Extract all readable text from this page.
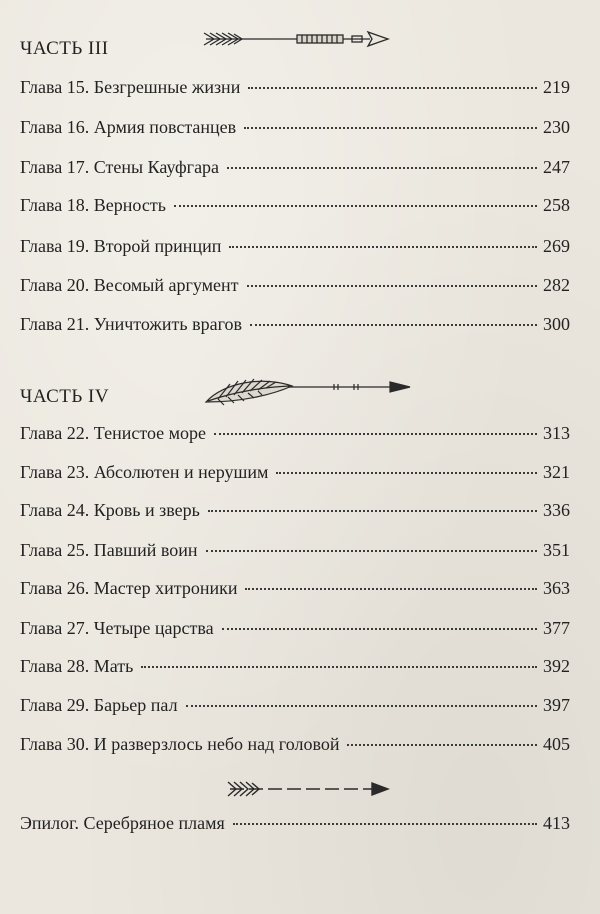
ЧАСТЬ III
Глава 15. Безгрешные жизни	219
Глава 16. Армия повстанцев	230
Глава 17. Стены Кауфгара	247
Глава 18. Верность	258
Глава 19. Второй принцип	269
Глава 20. Весомый аргумент	282
Глава 21. Уничтожить врагов	300
ЧАСТЬ IV
Глава 22. Тенистое море	313
Глава 23. Абсолютен и нерушим	321
Глава 24. Кровь и зверь	336
Глава 25. Павший воин	351
Глава 26. Мастер хитроники	363
Глава 27. Четыре царства	377
Глава 28. Мать	392
Глава 29. Барьер пал	397
Глава 30. И разверзлось небо над головой	405
Эпилог. Серебряное пламя	413
